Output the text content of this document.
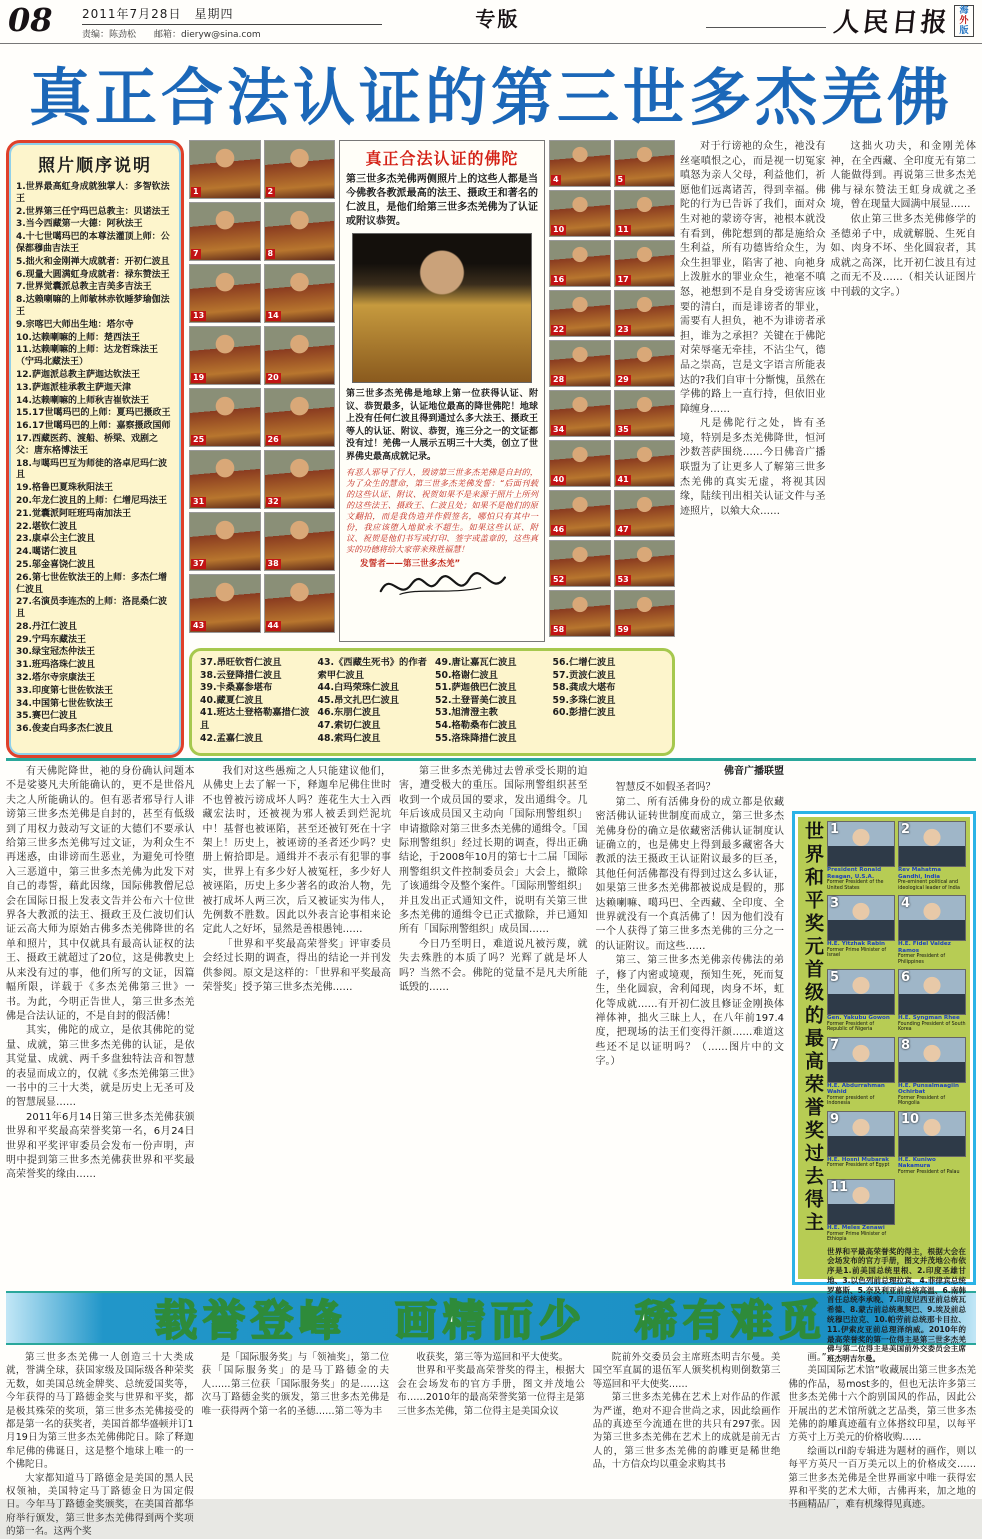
08	2011年7月28日　星期四
责编：陈劲松　　邮箱：dieryw@sina.com
专版	人民日报 海
外
版
真正合法认证的第三世多杰羌佛
照片顺序说明
1.世界最高虹身成就独掌人：多智钦法王
2.世界第三任宁玛巴总教主：贝诺法王
3.当今西藏第一大德：阿秋法王
4.十七世噶玛巴的本尊法灌顶上师：公保都穆曲吉法王
5.拙火和金刚禅大成就者：开初仁波且
6.现量大圆满虹身成就者：禄东赞法王
7.世界觉囊派总教主吉美多吉法王
8.达赖喇嘛的上师敏林赤钦睡梦瑜伽法王
9.宗喀巴大师出生地：塔尔寺
10.达赖喇嘛的上师：楚西法王
11.达赖喇嘛的上师：达龙哲珠法王（宁玛北藏法王）
12.萨迦派总教主萨迦达钦法王
13.萨迦派桂承教主萨迦天津
14.达赖喇嘛的上师秋吉崔钦法王
15.17世噶玛巴的上师：夏玛巴摄政王
16.17世噶玛巴的上师：嘉察摄政国师
17.西藏医药、渡船、桥梁、戏剧之父：唐东格博法王
18.与噶玛巴互为师徒的洛卓尼玛仁波且
19.格鲁巴夏珠秋阳法王
20.年龙仁波且的上师：仁增尼玛法王
21.觉囊派阿旺班玛南加法王
22.堪钦仁波且
23.康卓公主仁波且
24.噶诺仁波且
25.邬金喜饶仁波且
26.第七世佐钦法王的上师：多杰仁增仁波且
27.名演员李连杰的上师：洛昆桑仁波且
28.丹江仁波且
29.宁玛东藏法王
30.绿宝冠杰仲法王
31.班玛洛珠仁波且
32.塔尔寺宗康法王
33.印度第七世佐钦法王
34.中国第七世佐钦法王
35.赛巴仁波且
36.俊麦白玛多杰仁波且
1	2
7	8
13	14
19	20
25	26
31	32
37	38
43	44
真正合法认证的佛陀

第三世多杰羌佛两侧照片上的这些人都是当今佛教各教派最高的法王、摄政王和著名的仁波且，是他们给第三世多杰羌佛为了认证或附议恭贺。

第三世多杰羌佛是地球上第一位获得认证、附议、恭贺最多，认证地位最高的降世佛陀！地球上没有任何仁波且得到通过么多大法王、摄政王等人的认证、附议、恭贺，连三分之一的文证都没有过！羌佛一人展示五明三十大类，创立了世界佛史最高成就记录。

有恶人邪导了行人，毁谤第三世多杰羌佛是自封的，为了众生的慧命，第三世多杰羌佛发誓：“后面刊载的这些认证、附议、祝贺如果不是来源于照片上所列的这些法王、摄政王、仁波且处；如果不是他们的原文翻拍，而是我伪造并作假签名，哪怕只有其中一份，我应该堕入地狱永不超生。如果这些认证、附议、祝贺是他们书写或打印、签字或盖章的，这些真实的功德将给大家带来殊胜褔慧！

发誓者——第三世多杰羌”
4	5
10	11
16	17
22	23
28	29
34	35
40	41
46	47
52	53
58	59
37.昂旺钦哲仁波且
38.云登降措仁波且
39.卡桑嘉参堪布
40.藏夏仁波且
41.班达土登格勒嘉措仁波且
42.孟嘉仁波且
43.《西藏生死书》的作者索甲仁波且
44.白玛荣珠仁波且
45.昂文扎巴仁波且
46.东朋仁波且
47.索切仁波且
48.索玛仁波且
49.唐让嘉瓦仁波且
50.格谢仁波且
51.萨迦俄巴仁波且
52.土登晋美仁波且
53.旭清澄主教
54.格勒桑布仁波且
55.洛珠降措仁波且
56.仁增仁波且
57.贡波仁波且
58.龚成大堪布
59.多珠仁波且
60.彭措仁波且

对于行谤祂的众生，祂没有丝毫嗔恨之心，而是视一切冤家嗔怒为亲人父母，利益他们，祈愿他们远离诸苦，得到幸福。佛陀的行为已告诉了我们，面对众生对祂的蒙谤夺害，祂根本就没有看到，佛陀想到的都是施给众生利益，所有功德皆给众生，为众生担罪业，陷害了祂、向祂身上泼脏水的罪业众生，祂毫不嗔怒，祂想到不是自身受谤害应该要的清白，而是诽谤者的罪业，需要有人担负，祂不为诽谤者承担，谁为之承担？关键在于佛陀对荣辱毫无牵挂，不沾尘气，德品之崇高，岂是文字语言所能表达的?我们自审十分惭愧，虽然在学佛的路上一直行持，但依旧业障缠身……

凡是佛陀行之处，皆有圣境，特别是多杰羌佛降世，恒河沙数菩萨围绕……今日佛音广播联盟为了让更多人了解第三世多杰羌佛的真实无虚，将视其因缘，陆续刊出相关认证文件与圣迹照片，以飨大众……

这拙火功夫，和金刚羌体神，在全西藏、全印度无有第二人能做得到。再说第三世多杰羌佛与禄东赞法王虹身成就之圣境，曾在现量大圆满中展显……

依止第三世多杰羌佛修学的圣德弟子中，成就解脱、生死自如、肉身不坏、坐化圆寂者，其成就之高深，比开初仁波且有过之而无不及……（相关认证图片中刊载的文字。）

有天佛陀降世，祂的身份确认问题本不是娑婆凡夫所能确认的，更不是世俗凡夫之人所能确认的。但有恶者邪导行人诽谤第三世多杰羌佛是自封的，甚至有低级到了用权力鼓动写文证的大德们不要承认给第三世多杰羌佛写过文证，为利众生不再迷惑，由诽谤而生恶业，为避免可怜堕入三恶道中，第三世多杰羌佛为此发下对自己的毒誓，藉此因缘，国际佛教僧尼总会在国际日报上发表文告并公布六十位世界各大教派的法王、摄政王及仁波切们认证云高大师为原始古佛多杰羌佛降世的名单和照片，其中仅就具有最高认证权的法王、摄政王就超过了20位，这是佛教史上从来没有过的事，他们所写的文证，因篇幅所限，详载于《多杰羌佛第三世》一书。为此，今明正告世人，第三世多杰羌佛是合法认证的，不是自封的假活佛！

其实，佛陀的成立，是依其佛陀的觉量、成就，第三世多杰羌佛的认证，是依其觉量、成就、两千多盘独特法音和智慧的表显而成立的，仅就《多杰羌佛第三世》一书中的三十大类，就是历史上无圣可及的智慧展显……

2011年6月14日第三世多杰羌佛获颁世界和平奖最高荣誉奖第一名，6月24日世界和平奖评审委员会发布一份声明，声明中提到第三世多杰羌佛获世界和平奖最高荣誉奖的缘由……

我们对这些愚痴之人只能建议他们，从佛史上去了解一下，释迦牟尼佛住世时不也曾被污谤成坏人吗？莲花生大士入西藏宏法时，还被视为邪人被丢到烂泥坑中！基督也被诬陷，甚至还被钉死在十字架上！历史上，被诬谤的圣者还少吗？史册上俯拾即是。通缉并不表示有犯罪的事实，世界上有多少好人被冤枉，多少好人被诬陷，历史上多少著名的政治人物，先被打成坏人两三次，后又被证实为伟人，先例数不胜数。因此以外表言论事相来论定此人之好坏，显然是善根愚钝……

「世界和平奖最高荣誉奖」评审委员会经过长期的调查，得出的结论一并刊发供参阅。原文是这样的：「世界和平奖最高荣誉奖」授予第三世多杰羌佛……

第三世多杰羌佛过去曾承受长期的迫害，遭受极大的重压。国际刑警组织甚至收到一个成员国的要求，发出通缉令。几年后该成员国又主动向「国际刑警组织」申请撤除对第三世多杰羌佛的通缉令。「国际刑警组织」经过长期的调查，得出正确结论，于2008年10月的第七十二届「国际刑警组织文件控制委员会」大会上，撤除了该通缉令及整个案件。「国际刑警组织」并且发出正式通知文件，说明有关第三世多杰羌佛的通缉令已正式撤除，并已通知所有「国际刑警组织」成员国……

今日乃至明日，难道说凡被污蔑，就失去殊胜的本质了吗？光辉了就是坏人吗？当然不会。佛陀的觉量不是凡夫所能诋毁的……

佛音广播联盟

智慧反不如假圣者吗？

第二、所有活佛身份的成立都是依藏密活佛认证转世制度而成立，第三世多杰羌佛身份的确立是依藏密活佛认证制度认证确立的，也是佛史上得到最多藏密各大教派的法王摄政王认证附议最多的巨圣，其他任何活佛都没有得到过这么多认证，如果第三世多杰羌佛都被说成是假的，那达赖喇嘛、噶玛巴、全西藏、全印度、全世界就没有一个真活佛了！因为他们没有一个人获得了第三世多杰羌佛的三分之一的认证附议。而这些……

第三、第三世多杰羌佛亲传佛法的弟子，修了内密或境观，预知生死，死而复生，坐化圆寂，舍利闻现，肉身不坏，虹化等成就……有开初仁波且修证金刚换体禅体神，拙火三昧上人，在八年前197.4度，把现场的法王们变得汗颜……难道这些还不足以证明吗？（……图片中的文字。）	世界和平奖元首级的最高荣誉奖过去得主 1
President Ronald Reagan, U.S.A.
Former President of the United States
2
Rev Mahatma Gandhi, India
Pre-eminent political and ideological leader of India
3
H.E. Yitzhak Rabin
Former Prime Minister of Israel
4
H.E. Fidel Valdez Ramos
Former President of Philippines
5
Gen. Yakubu Gowon
Former President of Republic of Nigeria
6
H.E. Syngman Rhee
Founding President of South Korea
7
H.E. Abdurrahman Wahid
Former president of Indonesia
8
H.E. Punsalmaagiin Ochirbat
Former President of Mongolia
9
H.E. Hosni Mubarak
Former President of Egypt
10
H.E. Kuniwo Nakamura
Former President of Palau
11
H.E. Meles Zenawi
Former Prime Minister of Ethiopia
世界和平最高荣誉奖的得主，根据大会在会场发布的官方手册，图文并茂地公布依序是1.前美国总统里根、2.印度圣雄甘地、3.以色列前总理拉宾、4.菲律宾总统罗慕斯、5.奈及利亚前总统高温、6.南韩首任总统李承晚、7.印度尼西亚前总统瓦希德、8.蒙古前总统奥契巴、9.埃及前总统穆巴拉克、10.帕劳前总统那卡目拉、11.伊索皮亚前总理泽纳威。2010年的最高荣誉奖的第一位得主是第三世多杰羌佛与第二位得主是美国前外交委员会主席班杰明吉尔曼。
载誉登峰　画精而少　稀有难觅

第三世多杰羌佛一人创造三十大类成就，誉满全球，获国家级及国际级各种荣奖无数，如美国总统金牌奖、总统爱国奖等，今年获得的马丁路德金奖与世界和平奖，都是极其殊荣的奖项，第三世多杰羌佛接受的都是第一名的获奖者，美国首都华盛顿并订1月19日为第三世多杰羌佛佛陀日。除了释迦牟尼佛的佛诞日，这是整个地球上唯一的一个佛陀日。

大家都知道马丁路德金是美国的黑人民权领袖，美国特定马丁路德金日为国定假日。今年马丁路德金奖颁奖，在美国首都华府举行颁发，第三世多杰羌佛得到两个奖项的第一名。这两个奖

是「国际服务奖」与「领袖奖」，第二位获「国际服务奖」的是马丁路德金的夫人……第三位获「国际服务奖」的是……这次马丁路德金奖的颁发，第三世多杰羌佛是唯一获得两个第一名的圣德……第二等为丰

收获奖，第三等为巡回和平大使奖。

世界和平奖最高荣誉奖的得主，根据大会在会场发布的官方手册，图文并茂地公布……2010年的最高荣誉奖第一位得主是第三世多杰羌佛，第二位得主是美国众议

院前外交委员会主席班杰明吉尔曼。美国空军直属的退伍军人颁奖机构则倒数第三等巡回和平大使奖……

第三世多杰羌佛在艺术上对作品的作派为严谨，绝对不迎合世尚之求，因此绘画作品的真迹至今流通在世的共只有297张。因为第三世多杰羌佛在艺术上的成就是前无古人的，第三世多杰羌佛的韵雕更是稀世绝品，十方信众均以重金求购其书

画。”

美国国际艺术馆”收藏展出第三世多杰羌佛的作品，易most多的，但也无法许多第三世多杰羌佛十六个韵别国风的作品，因此公开展出的艺术馆所就之艺品类，第三世多杰羌佛的韵雕真迹蕴有立体搭纹印星，以每平方英寸上万美元的价格收购……

绘画以ril韵专辑进为题材的画作，则以每平方英尺一百万美元以上的价格成交……第三世多杰羌佛是全世界画家中唯一获得宏界和平奖的艺术大师，古佛再来，加之地的书画精品厂，难有机缘得见真迹。
